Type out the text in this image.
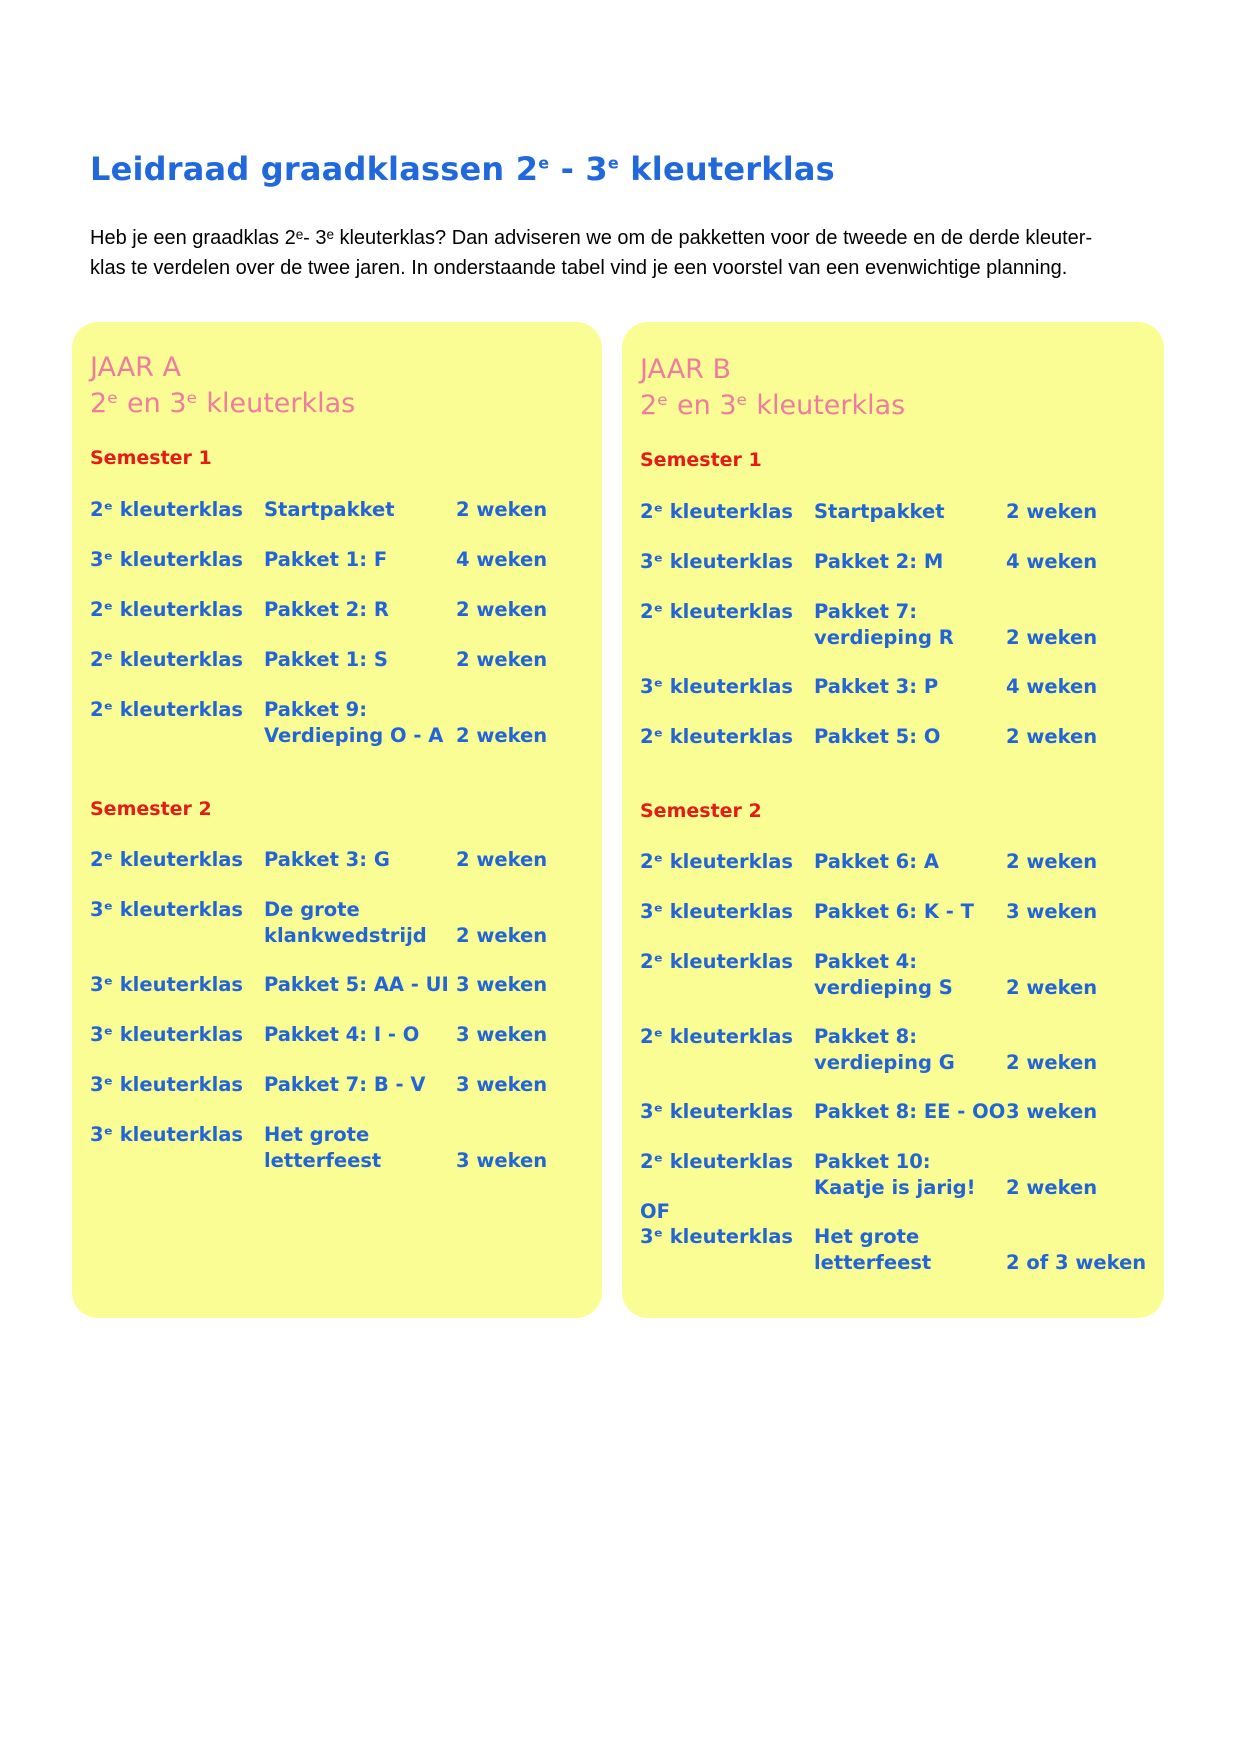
Leidraad graadklassen 2e - 3e kleuterklas

Heb je een graadklas 2ᵉ- 3ᵉ kleuterklas? Dan adviseren we om de pakketten voor de tweede en de derde kleuter-

klas te verdelen over de twee jaren. In onderstaande tabel vind je een voorstel van een evenwichtige planning.

JAAR A
2ᵉ en 3ᵉ kleuterklas
Semester 1
2ᵉ kleuterklas Startpakket	2 weken
3ᵉ kleuterklas Pakket 1: F	4 weken
2ᵉ kleuterklas Pakket 2: R	2 weken
2ᵉ kleuterklas Pakket 1: S	2 weken
2ᵉ kleuterklas Pakket 9:
Verdieping O - A 2 weken
Semester 2
2ᵉ kleuterklas Pakket 3: G	2 weken
3ᵉ kleuterklas De grote
klankwedstrijd 2 weken
3ᵉ kleuterklas Pakket 5: AA - UI 3 weken
3ᵉ kleuterklas Pakket 4: I - O 3 weken
3ᵉ kleuterklas Pakket 7: B - V 3 weken
3ᵉ kleuterklas Het grote
letterfeest	3 weken
JAAR B
2ᵉ en 3ᵉ kleuterklas
Semester 1
2ᵉ kleuterklas Startpakket	2 weken
3ᵉ kleuterklas Pakket 2: M	4 weken
2ᵉ kleuterklas Pakket 7:
verdieping R	2 weken
3ᵉ kleuterklas Pakket 3: P	4 weken
2ᵉ kleuterklas Pakket 5: O	2 weken
Semester 2
2ᵉ kleuterklas Pakket 6: A	2 weken
3ᵉ kleuterklas Pakket 6: K - T 3 weken
2ᵉ kleuterklas Pakket 4:
verdieping S	2 weken
2ᵉ kleuterklas Pakket 8:
verdieping G	2 weken
3ᵉ kleuterklas Pakket 8: EE - OO 3 weken
2ᵉ kleuterklas Pakket 10:
Kaatje is jarig! 2 weken
OF
3ᵉ kleuterklas Het grote
letterfeest	2 of 3 weken
